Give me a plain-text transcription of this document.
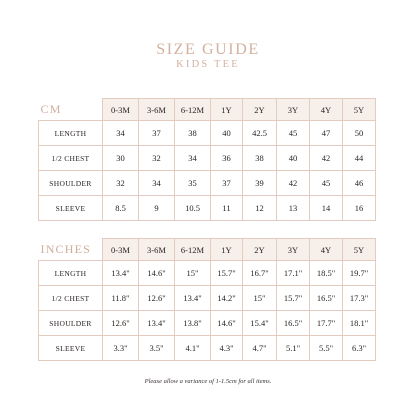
SIZE GUIDE
KIDS TEE
CM	0-3M	3-6M	6-12M	1Y	2Y	3Y	4Y	5Y
LENGTH	34	37	38	40	42.5	45	47	50
1/2 CHEST	30	32	34	36	38	40	42	44
SHOULDER	32	34	35	37	39	42	45	46
SLEEVE	8.5	9	10.5	11	12	13	14	16
INCHES	0-3M	3-6M	6-12M	1Y	2Y	3Y	4Y	5Y
LENGTH	13.4"	14.6"	15"	15.7"	16.7"	17.1"	18.5"	19.7"
1/2 CHEST	11.8"	12.6"	13.4"	14.2"	15"	15.7"	16.5"	17.3"
SHOULDER	12.6"	13.4"	13.8"	14.6"	15.4"	16.5"	17.7"	18.1"
SLEEVE	3.3"	3.5"	4.1"	4.3"	4.7"	5.1"	5.5"	6.3"
Please allow a variance of 1-1.5cm for all items.
